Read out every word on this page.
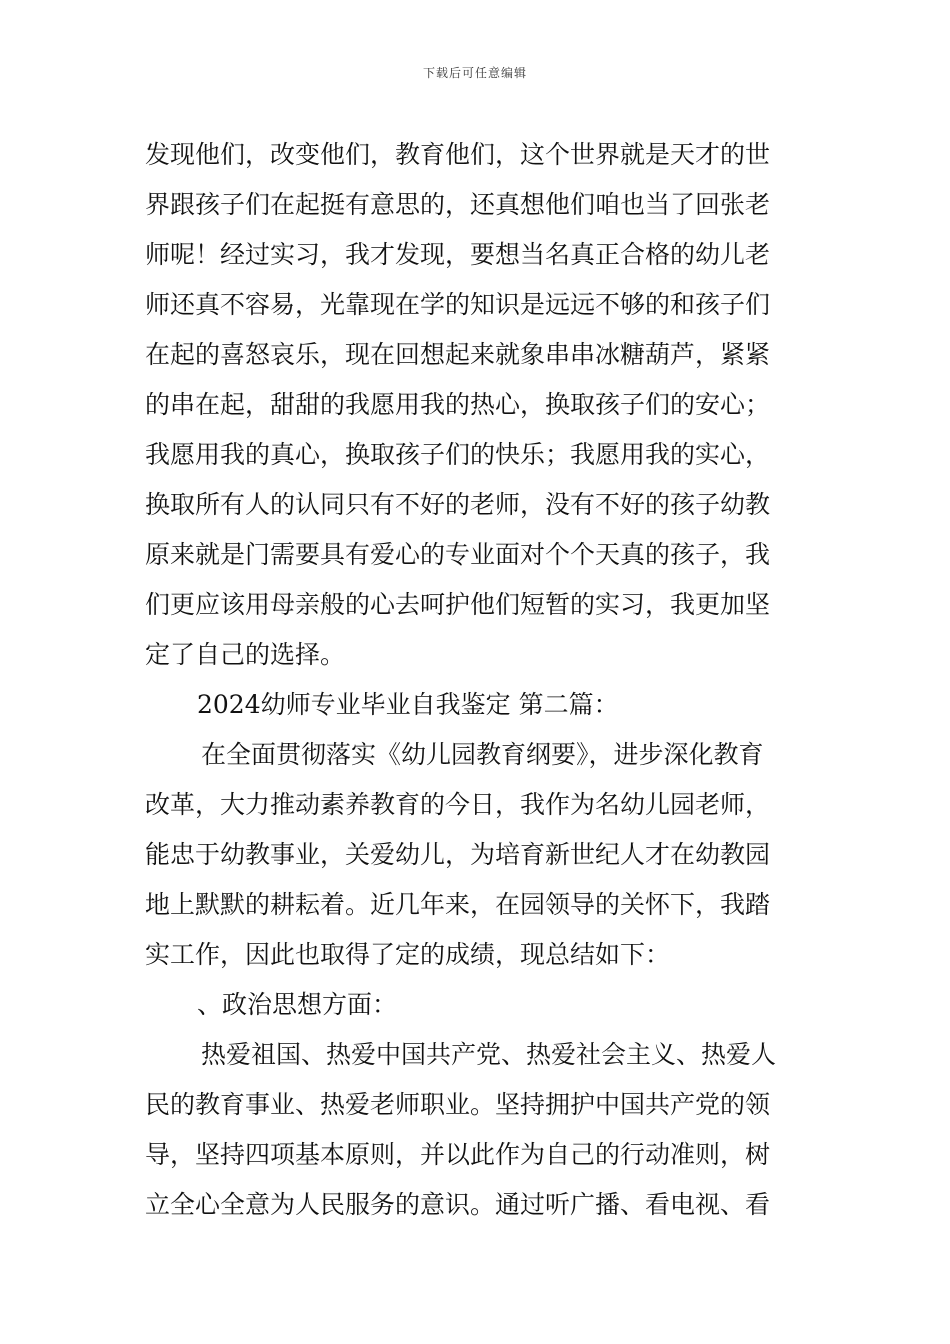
下载后可任意编辑
发现他们，改变他们，教育他们，这个世界就是天才的世
界跟孩子们在起挺有意思的，还真想他们咱也当了回张老
师呢！经过实习，我才发现，要想当名真正合格的幼儿老
师还真不容易，光靠现在学的知识是远远不够的和孩子们
在起的喜怒哀乐，现在回想起来就象串串冰糖葫芦，紧紧
的串在起，甜甜的我愿用我的热心，换取孩子们的安心；
我愿用我的真心，换取孩子们的快乐；我愿用我的实心，
换取所有人的认同只有不好的老师，没有不好的孩子幼教
原来就是门需要具有爱心的专业面对个个天真的孩子，我
们更应该用母亲般的心去呵护他们短暂的实习，我更加坚
定了自己的选择。
2024幼师专业毕业自我鉴定 第二篇：
在全面贯彻落实《幼儿园教育纲要》，进步深化教育
改革，大力推动素养教育的今日，我作为名幼儿园老师，
能忠于幼教事业，关爱幼儿，为培育新世纪人才在幼教园
地上默默的耕耘着。近几年来，在园领导的关怀下，我踏
实工作，因此也取得了定的成绩，现总结如下：
、政治思想方面：
热爱祖国、热爱中国共产党、热爱社会主义、热爱人
民的教育事业、热爱老师职业。坚持拥护中国共产党的领
导，坚持四项基本原则，并以此作为自己的行动准则，树
立全心全意为人民服务的意识。通过听广播、看电视、看
